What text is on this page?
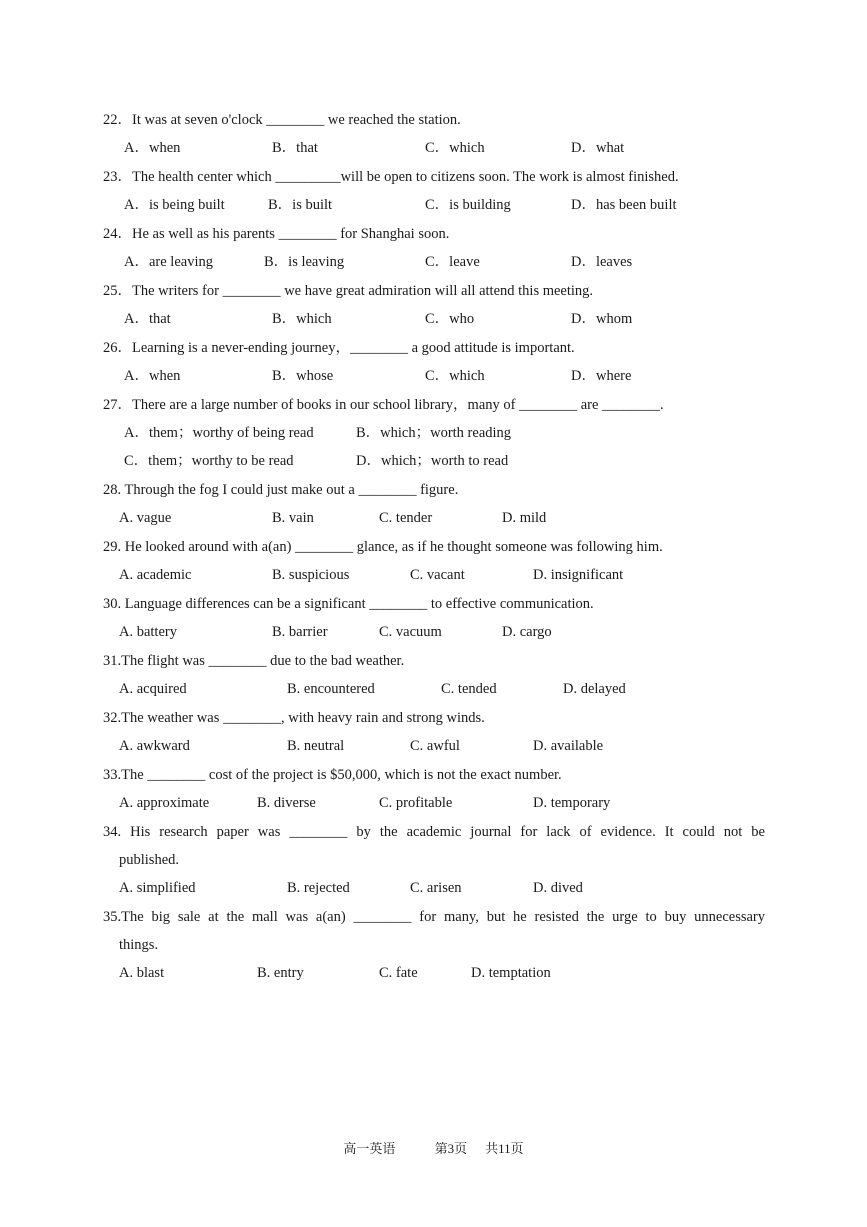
22．It was at seven o'clock ________ we reached the station.
A．when	B．that	C．which	D．what
23．The health center which _________will be open to citizens soon. The work is almost finished.
A．is being built	B．is built	C．is building	D．has been built
24．He as well as his parents ________ for Shanghai soon.
A．are leaving	B．is leaving	C．leave	D．leaves
25．The writers for ________ we have great admiration will all attend this meeting.
A．that	B．which	C．who	D．whom
26．Learning is a never-ending journey，________ a good attitude is important.
A．when	B．whose	C．which	D．where
27．There are a large number of books in our school library，many of ________ are ________.
A．them；worthy of being read	B．which；worth reading
C．them；worthy to be read	D．which；worth to read
28. Through the fog I could just make out a ________ figure.
A. vague	B. vain	C. tender	D. mild
29. He looked around with a(an) ________ glance, as if he thought someone was following him.
A. academic	B. suspicious	C. vacant	D. insignificant
30. Language differences can be a significant ________ to effective communication.
A. battery	B. barrier	C. vacuum	D. cargo
31.The flight was ________ due to the bad weather.
A. acquired	B. encountered	C. tended	D. delayed
32.The weather was ________, with heavy rain and strong winds.
A. awkward	B. neutral	C. awful	D. available
33.The ________ cost of the project is $50,000, which is not the exact number.
A. approximate	B. diverse	C. profitable	D. temporary
34. His research paper was ________ by the academic journal for lack of evidence. It could not be
published.
A. simplified	B. rejected	C. arisen	D. dived
35.The big sale at the mall was a(an) ________ for many, but he resisted the urge to buy unnecessary
things.
A. blast	B. entry	C. fate	D. temptation
高一英语	第3页 共11页
